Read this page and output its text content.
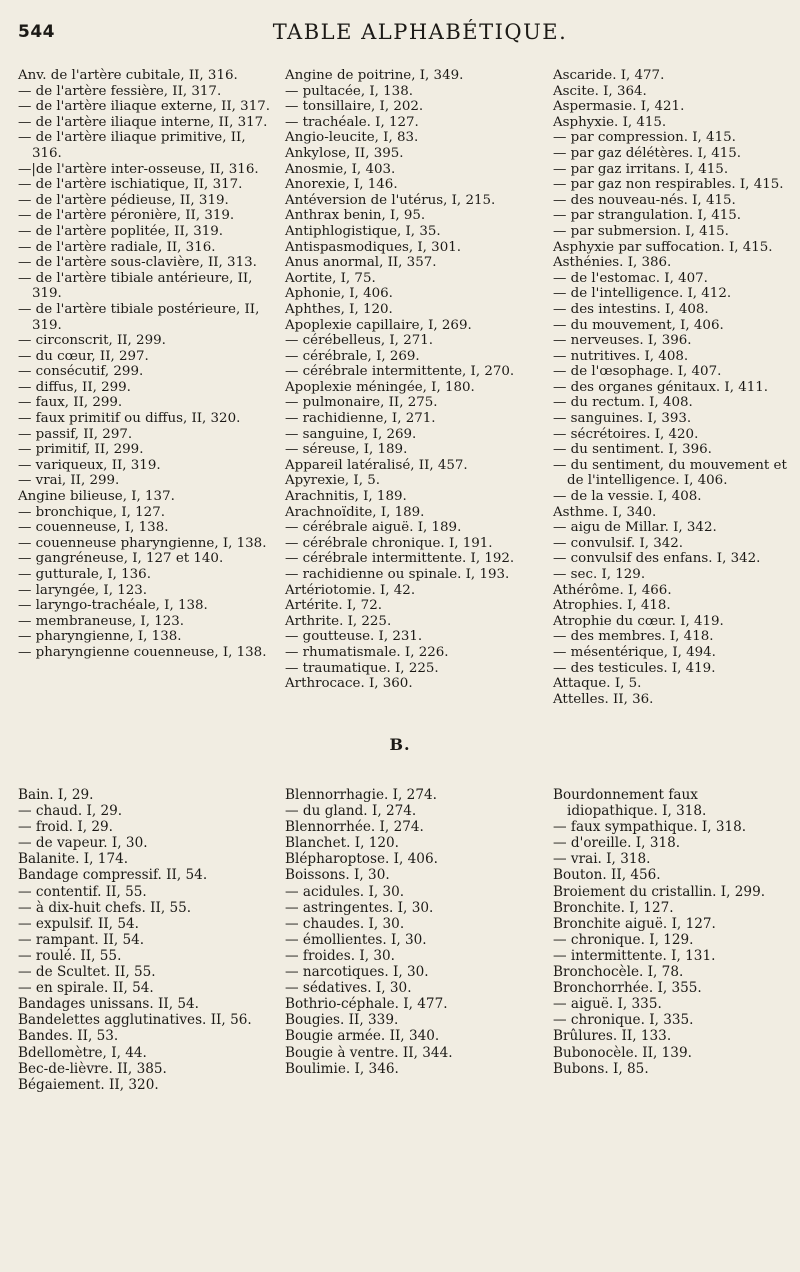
544	TABLE ALPHABÉTIQUE.
Anv. de l'artère cubitale, II, 316.
— de l'artère fessière, II, 317.
— de l'artère iliaque externe, II, 317.
— de l'artère iliaque interne, II, 317.
— de l'artère iliaque primitive, II, 316.
—|de l'artère inter-osseuse, II, 316.
— de l'artère ischiatique, II, 317.
— de l'artère pédieuse, II, 319.
— de l'artère péronière, II, 319.
— de l'artère poplitée, II, 319.
— de l'artère radiale, II, 316.
— de l'artère sous-clavière, II, 313.
— de l'artère tibiale antérieure, II, 319.
— de l'artère tibiale postérieure, II, 319.
— circonscrit, II, 299.
— du cœur, II, 297.
— consécutif, 299.
— diffus, II, 299.
— faux, II, 299.
— faux primitif ou diffus, II, 320.
— passif, II, 297.
— primitif, II, 299.
— variqueux, II, 319.
— vrai, II, 299.
Angine bilieuse, I, 137.
— bronchique, I, 127.
— couenneuse, I, 138.
— couenneuse pharyngienne, I, 138.
— gangréneuse, I, 127 et 140.
— gutturale, I, 136.
— laryngée, I, 123.
— laryngo-trachéale, I, 138.
— membraneuse, I, 123.
— pharyngienne, I, 138.
— pharyngienne couenneuse, I, 138.
Angine de poitrine, I, 349.
— pultacée, I, 138.
— tonsillaire, I, 202.
— trachéale. I, 127.
Angio-leucite, I, 83.
Ankylose, II, 395.
Anosmie, I, 403.
Anorexie, I, 146.
Antéversion de l'utérus, I, 215.
Anthrax benin, I, 95.
Antiphlogistique, I, 35.
Antispasmodiques, I, 301.
Anus anormal, II, 357.
Aortite, I, 75.
Aphonie, I, 406.
Aphthes, I, 120.
Apoplexie capillaire, I, 269.
— cérébelleus, I, 271.
— cérébrale, I, 269.
— cérébrale intermittente, I, 270.
Apoplexie méningée, I, 180.
— pulmonaire, II, 275.
— rachidienne, I, 271.
— sanguine, I, 269.
— séreuse, I, 189.
Appareil latéralisé, II, 457.
Apyrexie, I, 5.
Arachnitis, I, 189.
Arachnoïdite, I, 189.
— cérébrale aiguë. I, 189.
— cérébrale chronique. I, 191.
— cérébrale intermittente. I, 192.
— rachidienne ou spinale. I, 193.
Artériotomie. I, 42.
Artérite. I, 72.
Arthrite. I, 225.
— goutteuse. I, 231.
— rhumatismale. I, 226.
— traumatique. I, 225.
Arthrocace. I, 360.
Ascaride. I, 477.
Ascite. I, 364.
Aspermasie. I, 421.
Asphyxie. I, 415.
— par compression. I, 415.
— par gaz délétères. I, 415.
— par gaz irritans. I, 415.
— par gaz non respirables. I, 415.
— des nouveau-nés. I, 415.
— par strangulation. I, 415.
— par submersion. I, 415.
Asphyxie par suffocation. I, 415.
Asthénies. I, 386.
— de l'estomac. I, 407.
— de l'intelligence. I, 412.
— des intestins. I, 408.
— du mouvement, I, 406.
— nerveuses. I, 396.
— nutritives. I, 408.
— de l'œsophage. I, 407.
— des organes génitaux. I, 411.
— du rectum. I, 408.
— sanguines. I, 393.
— sécrétoires. I, 420.
— du sentiment. I, 396.
— du sentiment, du mouvement et de l'intelligence. I, 406.
— de la vessie. I, 408.
Asthme. I, 340.
— aigu de Millar. I, 342.
— convulsif. I, 342.
— convulsif des enfans. I, 342.
— sec. I, 129.
Athérôme. I, 466.
Atrophies. I, 418.
Atrophie du cœur. I, 419.
— des membres. I, 418.
— mésentérique, I, 494.
— des testicules. I, 419.
Attaque. I, 5.
Attelles. II, 36.
B.
Bain. I, 29.
— chaud. I, 29.
— froid. I, 29.
— de vapeur. I, 30.
Balanite. I, 174.
Bandage compressif. II, 54.
— contentif. II, 55.
— à dix-huit chefs. II, 55.
— expulsif. II, 54.
— rampant. II, 54.
— roulé. II, 55.
— de Scultet. II, 55.
— en spirale. II, 54.
Bandages unissans. II, 54.
Bandelettes agglutinatives. II, 56.
Bandes. II, 53.
Bdellomètre, I, 44.
Bec-de-lièvre. II, 385.
Bégaiement. II, 320.
Blennorrhagie. I, 274.
— du gland. I, 274.
Blennorrhée. I, 274.
Blanchet. I, 120.
Blépharoptose. I, 406.
Boissons. I, 30.
— acidules. I, 30.
— astringentes. I, 30.
— chaudes. I, 30.
— émollientes. I, 30.
— froides. I, 30.
— narcotiques. I, 30.
— sédatives. I, 30.
Bothrio-céphale. I, 477.
Bougies. II, 339.
Bougie armée. II, 340.
Bougie à ventre. II, 344.
Boulimie. I, 346.
Bourdonnement faux idiopathique. I, 318.
— faux sympathique. I, 318.
— d'oreille. I, 318.
— vrai. I, 318.
Bouton. II, 456.
Broiement du cristallin. I, 299.
Bronchite. I, 127.
Bronchite aiguë. I, 127.
— chronique. I, 129.
— intermittente. I, 131.
Bronchocèle. I, 78.
Bronchorrhée. I, 355.
— aiguë. I, 335.
— chronique. I, 335.
Brûlures. II, 133.
Bubonocèle. II, 139.
Bubons. I, 85.
